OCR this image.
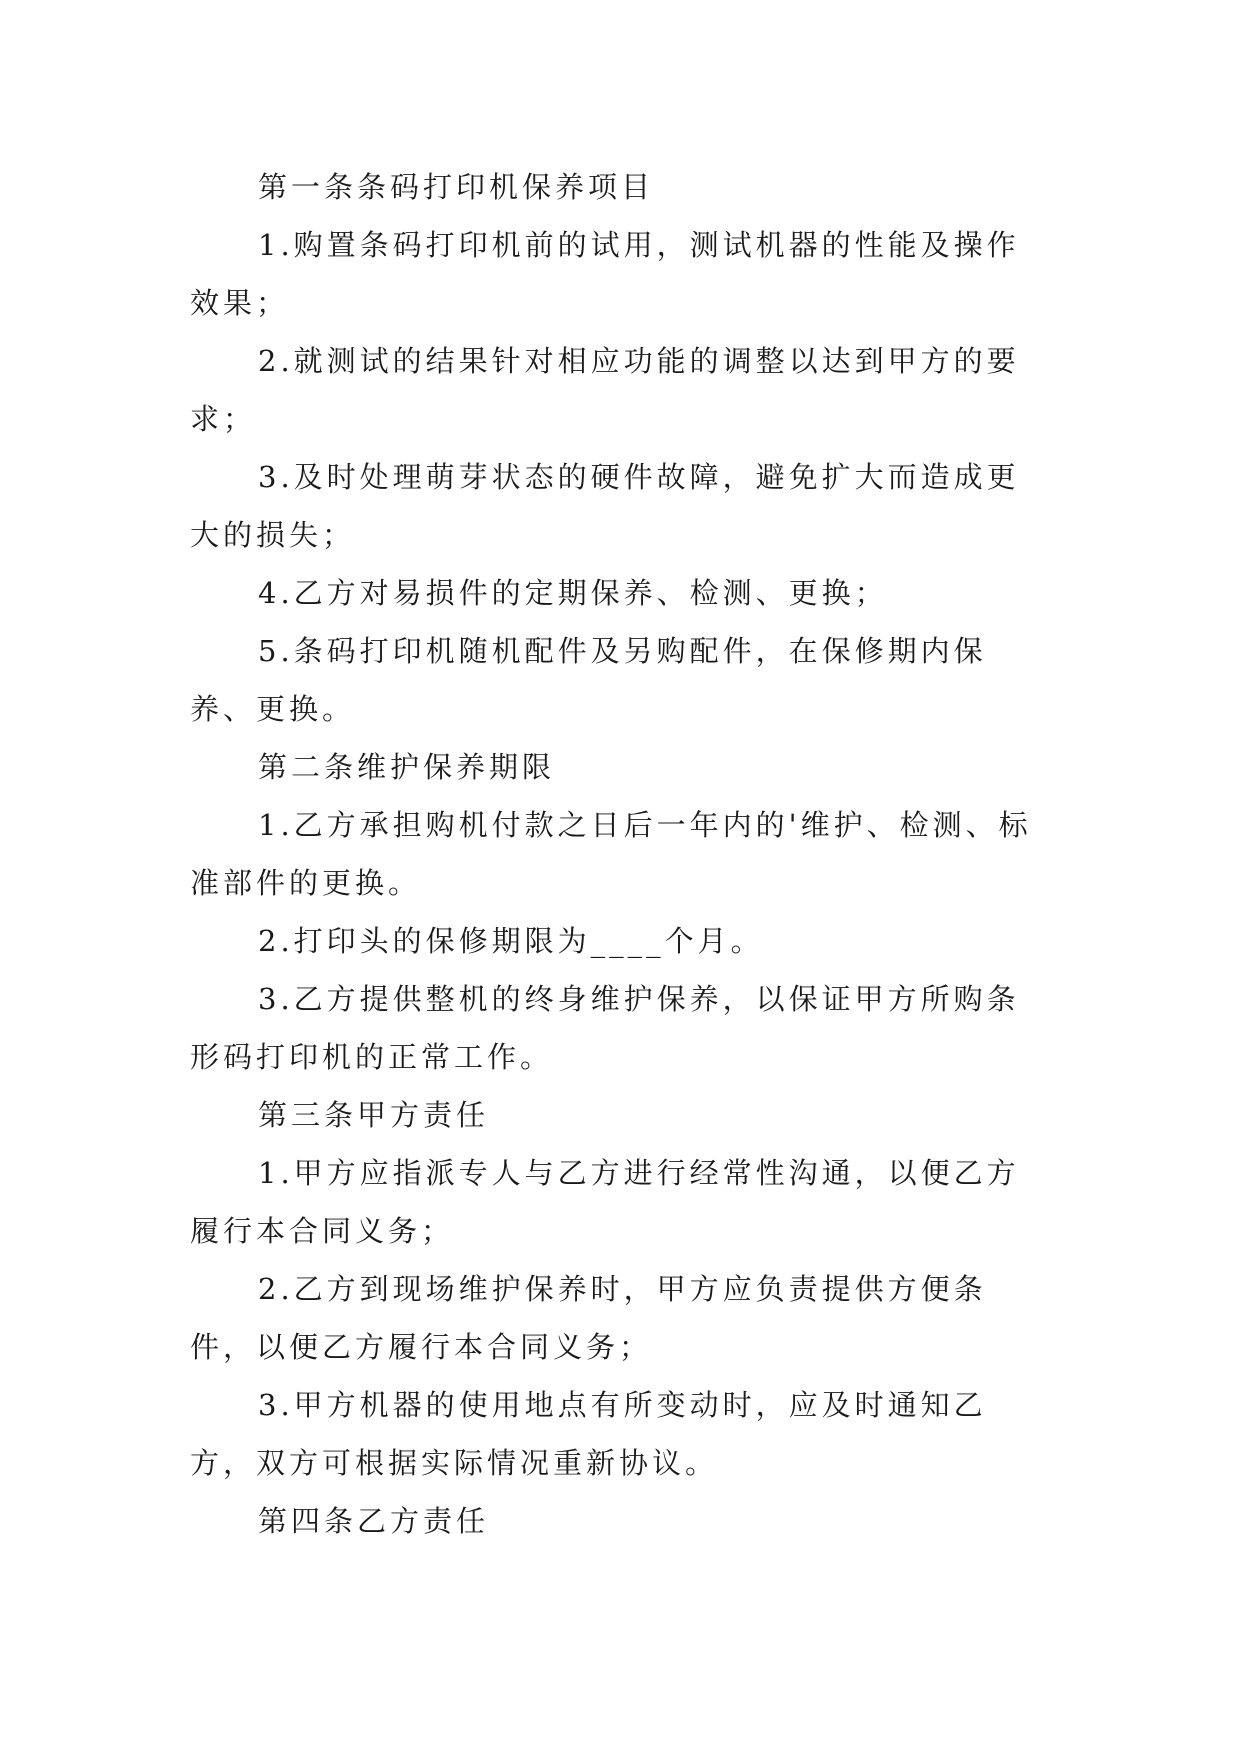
第一条条码打印机保养项目

1.购置条码打印机前的试用，测试机器的性能及操作效果；

2.就测试的结果针对相应功能的调整以达到甲方的要求；

3.及时处理萌芽状态的硬件故障，避免扩大而造成更大的损失；

4.乙方对易损件的定期保养、检测、更换；

5.条码打印机随机配件及另购配件，在保修期内保养、更换。

第二条维护保养期限

1.乙方承担购机付款之日后一年内的'维护、检测、标准部件的更换。

2.打印头的保修期限为____个月。

3.乙方提供整机的终身维护保养，以保证甲方所购条形码打印机的正常工作。

第三条甲方责任

1.甲方应指派专人与乙方进行经常性沟通，以便乙方履行本合同义务；

2.乙方到现场维护保养时，甲方应负责提供方便条件，以便乙方履行本合同义务；

3.甲方机器的使用地点有所变动时，应及时通知乙方，双方可根据实际情况重新协议。

第四条乙方责任
